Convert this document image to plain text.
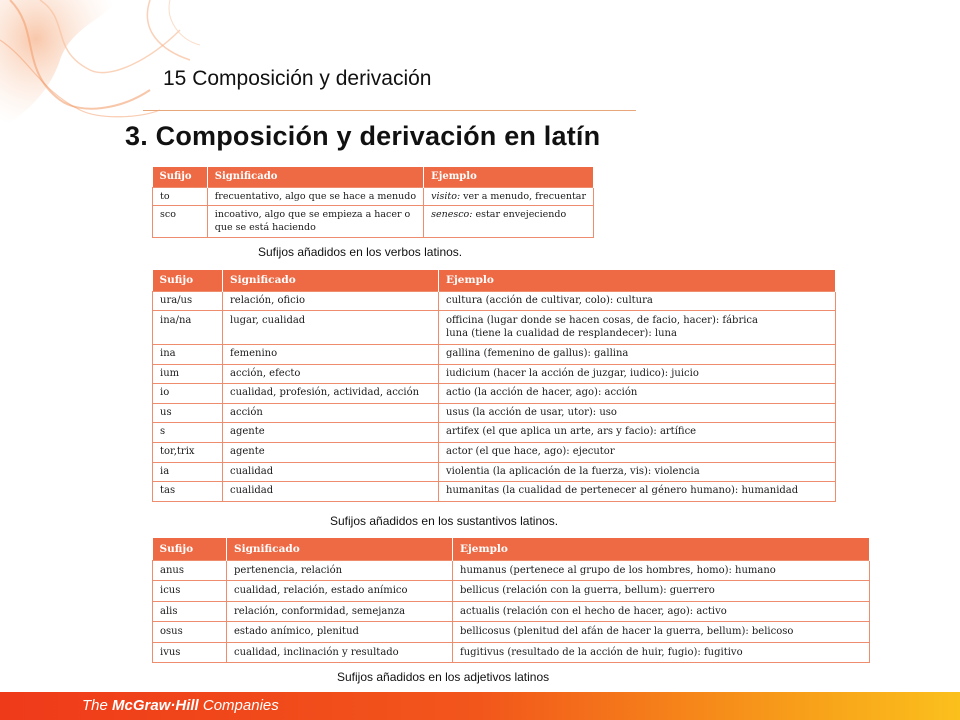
15 Composición y derivación
3. Composición y derivación en latín
Sufijo	Significado	Ejemplo
to	frecuentativo, algo que se hace a menudo	visito: ver a menudo, frecuentar
sco	incoativo, algo que se empieza a hacer o que se está haciendo	senesco: estar envejeciendo
Sufijos añadidos en los verbos latinos.
Sufijo	Significado	Ejemplo
ura/us	relación, oficio	cultura (acción de cultivar, colo): cultura
ina/na	lugar, cualidad	officina (lugar donde se hacen cosas, de facio, hacer): fábrica
luna (tiene la cualidad de resplandecer): luna

ina	femenino	gallina (femenino de gallus): gallina
ium	acción, efecto	iudicium (hacer la acción de juzgar, iudico): juicio
io	cualidad, profesión, actividad, acción	actio (la acción de hacer, ago): acción
us	acción	usus (la acción de usar, utor): uso
s	agente	artifex (el que aplica un arte, ars y facio): artífice
tor,trix	agente	actor (el que hace, ago): ejecutor
ia	cualidad	violentia (la aplicación de la fuerza, vis): violencia
tas	cualidad	humanitas (la cualidad de pertenecer al género humano): humanidad
Sufijos añadidos en los sustantivos latinos.
Sufijo	Significado	Ejemplo
anus	pertenencia, relación	humanus (pertenece al grupo de los hombres, homo): humano
icus	cualidad, relación, estado anímico	bellicus (relación con la guerra, bellum): guerrero
alis	relación, conformidad, semejanza	actualis (relación con el hecho de hacer, ago): activo
osus	estado anímico, plenitud	bellicosus (plenitud del afán de hacer la guerra, bellum): belicoso
ivus	cualidad, inclinación y resultado	fugitivus (resultado de la acción de huir, fugio): fugitivo
Sufijos añadidos en los adjetivos latinos
The McGraw·Hill Companies
